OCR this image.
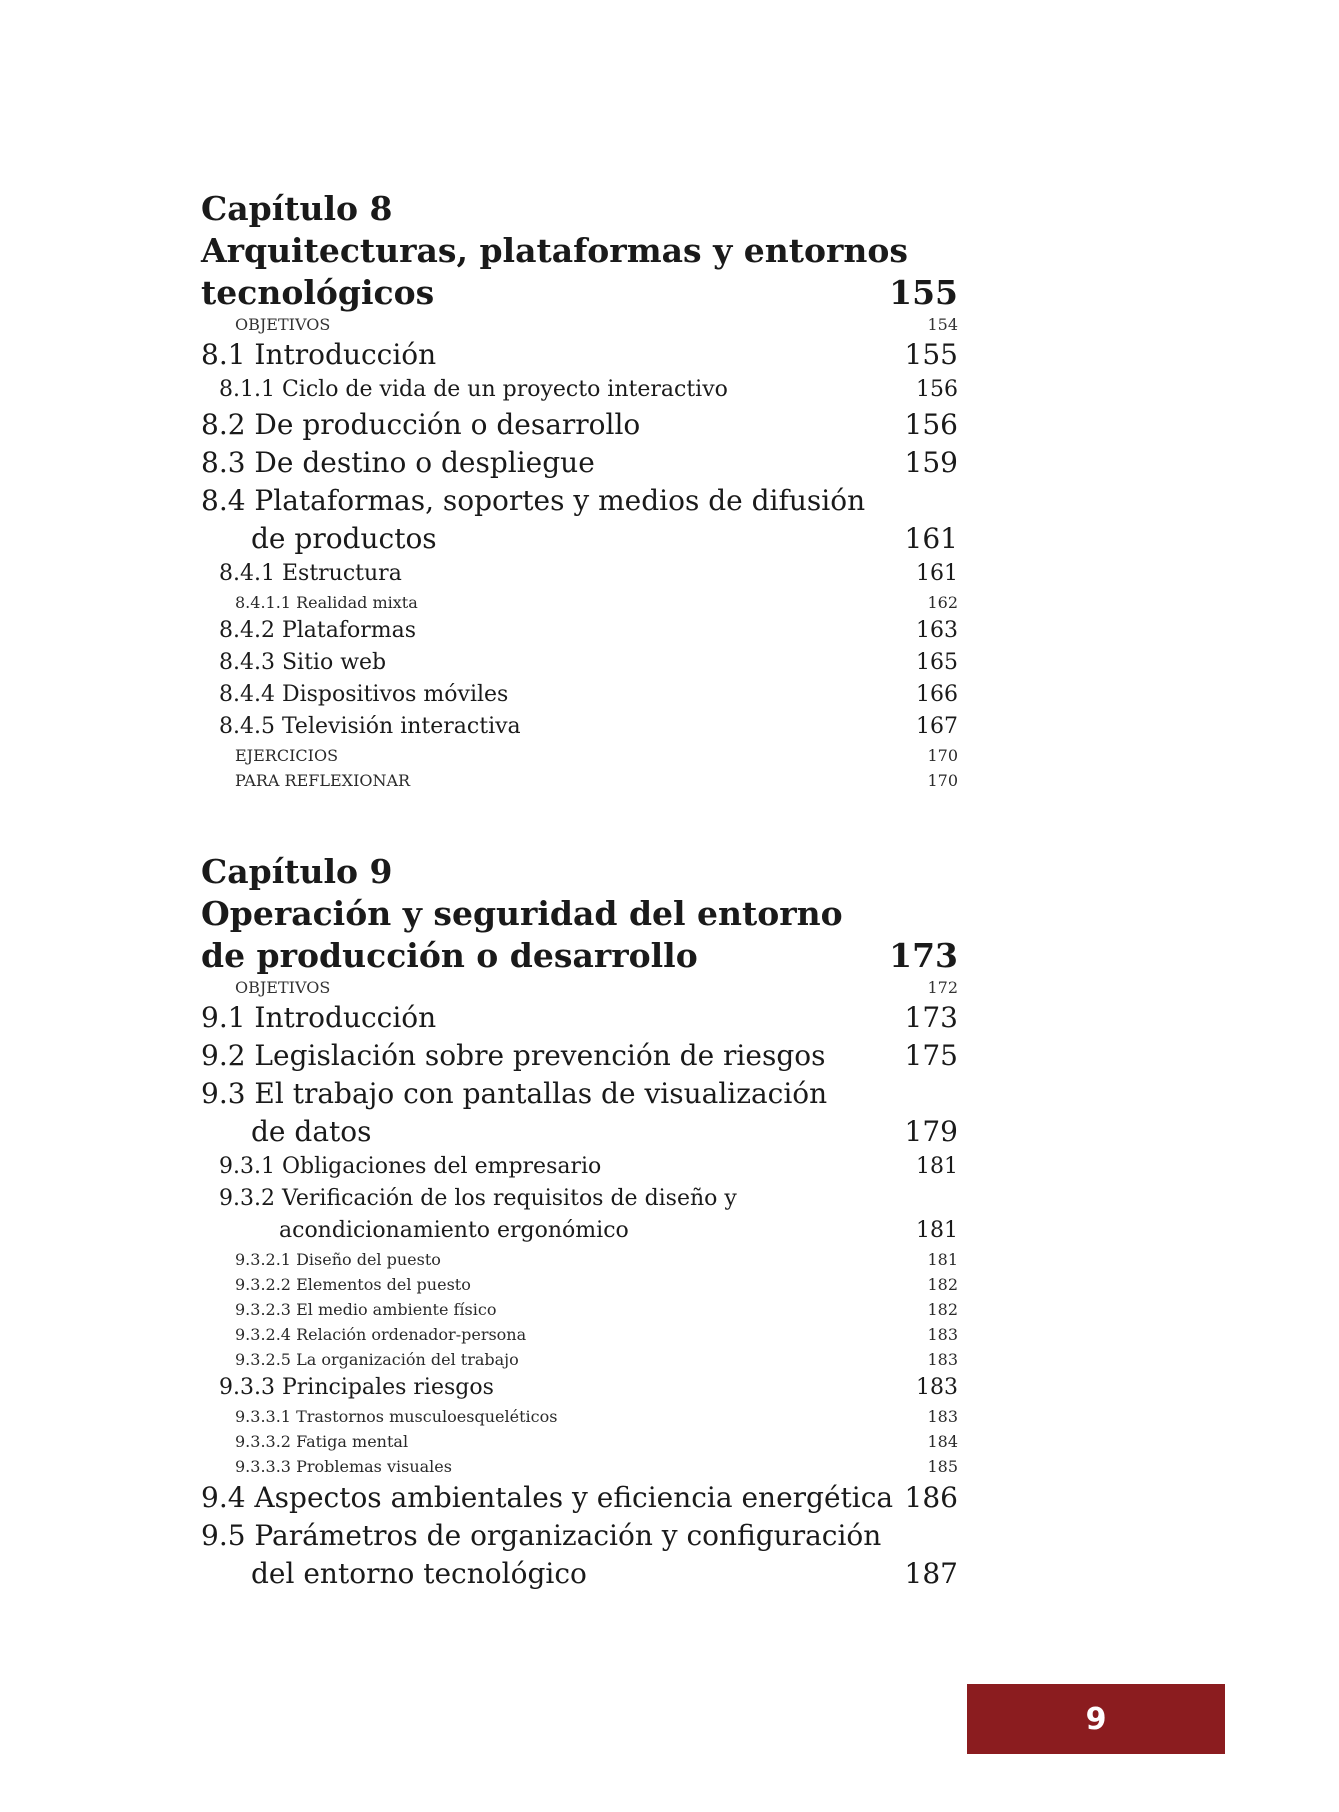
Capítulo 8
Arquitecturas, plataformas y entornos
tecnológicos	155
OBJETIVOS	154
8.1 Introducción	155
8.1.1 Ciclo de vida de un proyecto interactivo	156
8.2 De producción o desarrollo	156
8.3 De destino o despliegue	159
8.4 Plataformas, soportes y medios de difusión
de productos	161
8.4.1 Estructura	161
8.4.1.1 Realidad mixta	162
8.4.2 Plataformas	163
8.4.3 Sitio web	165
8.4.4 Dispositivos móviles	166
8.4.5 Televisión interactiva	167
EJERCICIOS	170
PARA REFLEXIONAR	170
Capítulo 9
Operación y seguridad del entorno
de producción o desarrollo	173
OBJETIVOS	172
9.1 Introducción	173
9.2 Legislación sobre prevención de riesgos	175
9.3 El trabajo con pantallas de visualización
de datos	179
9.3.1 Obligaciones del empresario	181
9.3.2 Verificación de los requisitos de diseño y
acondicionamiento ergonómico	181
9.3.2.1 Diseño del puesto	181
9.3.2.2 Elementos del puesto	182
9.3.2.3 El medio ambiente físico	182
9.3.2.4 Relación ordenador-persona	183
9.3.2.5 La organización del trabajo	183
9.3.3 Principales riesgos	183
9.3.3.1 Trastornos musculoesqueléticos	183
9.3.3.2 Fatiga mental	184
9.3.3.3 Problemas visuales	185
9.4 Aspectos ambientales y eficiencia energética 186
9.5 Parámetros de organización y configuración
del entorno tecnológico	187
9
